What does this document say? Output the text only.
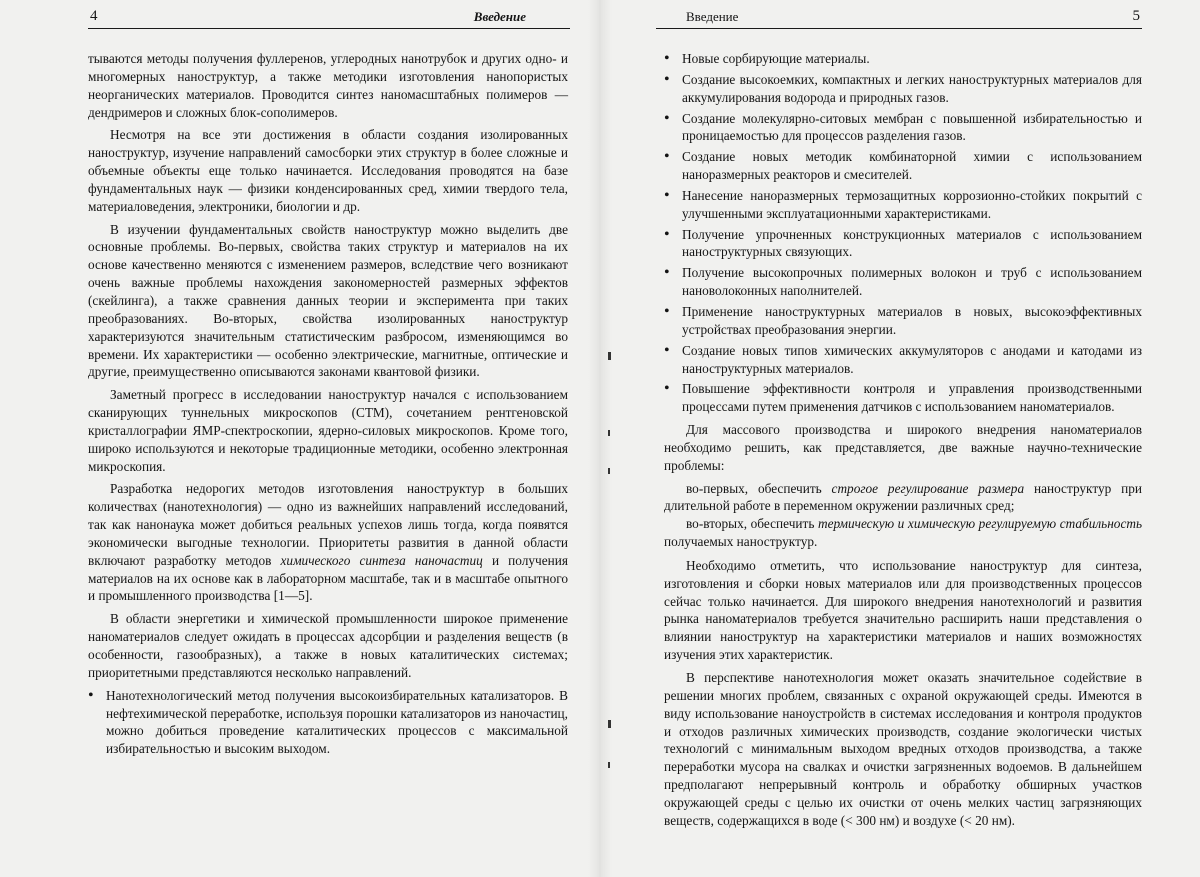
4	Введение

тываются методы получения фуллеренов, углеродных нанотрубок и других одно- и многомерных наноструктур, а также методики изготовления нанопористых неорганических материалов. Проводится синтез наномасштабных полимеров — дендримеров и сложных блок-сополимеров.

Несмотря на все эти достижения в области создания изолированных наноструктур, изучение направлений самосборки этих структур в более сложные и объемные объекты еще только начинается. Исследования проводятся на базе фундаментальных наук — физики конденсированных сред, химии твердого тела, материаловедения, электроники, биологии и др.

В изучении фундаментальных свойств наноструктур можно выделить две основные проблемы. Во-первых, свойства таких структур и материалов на их основе качественно меняются с изменением размеров, вследствие чего возникают очень важные проблемы нахождения закономерностей размерных эффектов (скейлинга), а также сравнения данных теории и эксперимента при таких преобразованиях. Во-вторых, свойства изолированных наноструктур характеризуются значительным статистическим разбросом, изменяющимся во времени. Их характеристики — особенно электрические, магнитные, оптические и другие, преимущественно описываются законами квантовой физики.

Заметный прогресс в исследовании наноструктур начался с использованием сканирующих туннельных микроскопов (СТМ), сочетанием рентгеновской кристаллографии ЯМР-спектроскопии, ядерно-силовых микроскопов. Кроме того, широко используются и некоторые традиционные методики, особенно электронная микроскопия.

Разработка недорогих методов изготовления наноструктур в больших количествах (нанотехнология) — одно из важнейших направлений исследований, так как нанонаука может добиться реальных успехов лишь тогда, когда появятся экономически выгодные технологии. Приоритеты развития в данной области включают разработку методов химического синтеза наночастиц и получения материалов на их основе как в лабораторном масштабе, так и в масштабе опытного и промышленного производства [1—5].

В области энергетики и химической промышленности широкое применение наноматериалов следует ожидать в процессах адсорбции и разделения веществ (в особенности, газообразных), а также в новых каталитических системах; приоритетными представляются несколько направлений.

• Нанотехнологический метод получения высокоизбирательных катализаторов. В нефтехимической переработке, используя порошки катализаторов из наночастиц, можно добиться проведение каталитических процессов с максимальной избирательностью и высоким выходом.
Введение	5
• Новые сорбирующие материалы.
• Создание высокоемких, компактных и легких наноструктурных материалов для аккумулирования водорода и природных газов.
• Создание молекулярно-ситовых мембран с повышенной избирательностью и проницаемостью для процессов разделения газов.
• Создание новых методик комбинаторной химии с использованием наноразмерных реакторов и смесителей.
• Нанесение наноразмерных термозащитных коррозионно-стойких покрытий с улучшенными эксплуатационными характеристиками.
• Получение упрочненных конструкционных материалов с использованием наноструктурных связующих.
• Получение высокопрочных полимерных волокон и труб с использованием нановолоконных наполнителей.
• Применение наноструктурных материалов в новых, высокоэффективных устройствах преобразования энергии.
• Создание новых типов химических аккумуляторов с анодами и катодами из наноструктурных материалов.
• Повышение эффективности контроля и управления производственными процессами путем применения датчиков с использованием наноматериалов.

Для массового производства и широкого внедрения наноматериалов необходимо решить, как представляется, две важные научно-технические проблемы:

во-первых, обеспечить строгое регулирование размера наноструктур при длительной работе в переменном окружении различных сред;

во-вторых, обеспечить термическую и химическую регулируемую стабильность получаемых наноструктур.

Необходимо отметить, что использование наноструктур для синтеза, изготовления и сборки новых материалов или для производственных процессов сейчас только начинается. Для широкого внедрения нанотехнологий и развития рынка наноматериалов требуется значительно расширить наши представления о влиянии наноструктур на характеристики материалов и наших возможностях изучения этих характеристик.

В перспективе нанотехнология может оказать значительное содействие в решении многих проблем, связанных с охраной окружающей среды. Имеются в виду использование наноустройств в системах исследования и контроля продуктов и отходов различных химических производств, создание экологически чистых технологий с минимальным выходом вредных отходов производства, а также переработки мусора на свалках и очистки загрязненных водоемов. В дальнейшем предполагают непрерывный контроль и обработку обширных участков окружающей среды с целью их очистки от очень мелких частиц загрязняющих веществ, содержащихся в воде (< 300 нм) и воздухе (< 20 нм).
